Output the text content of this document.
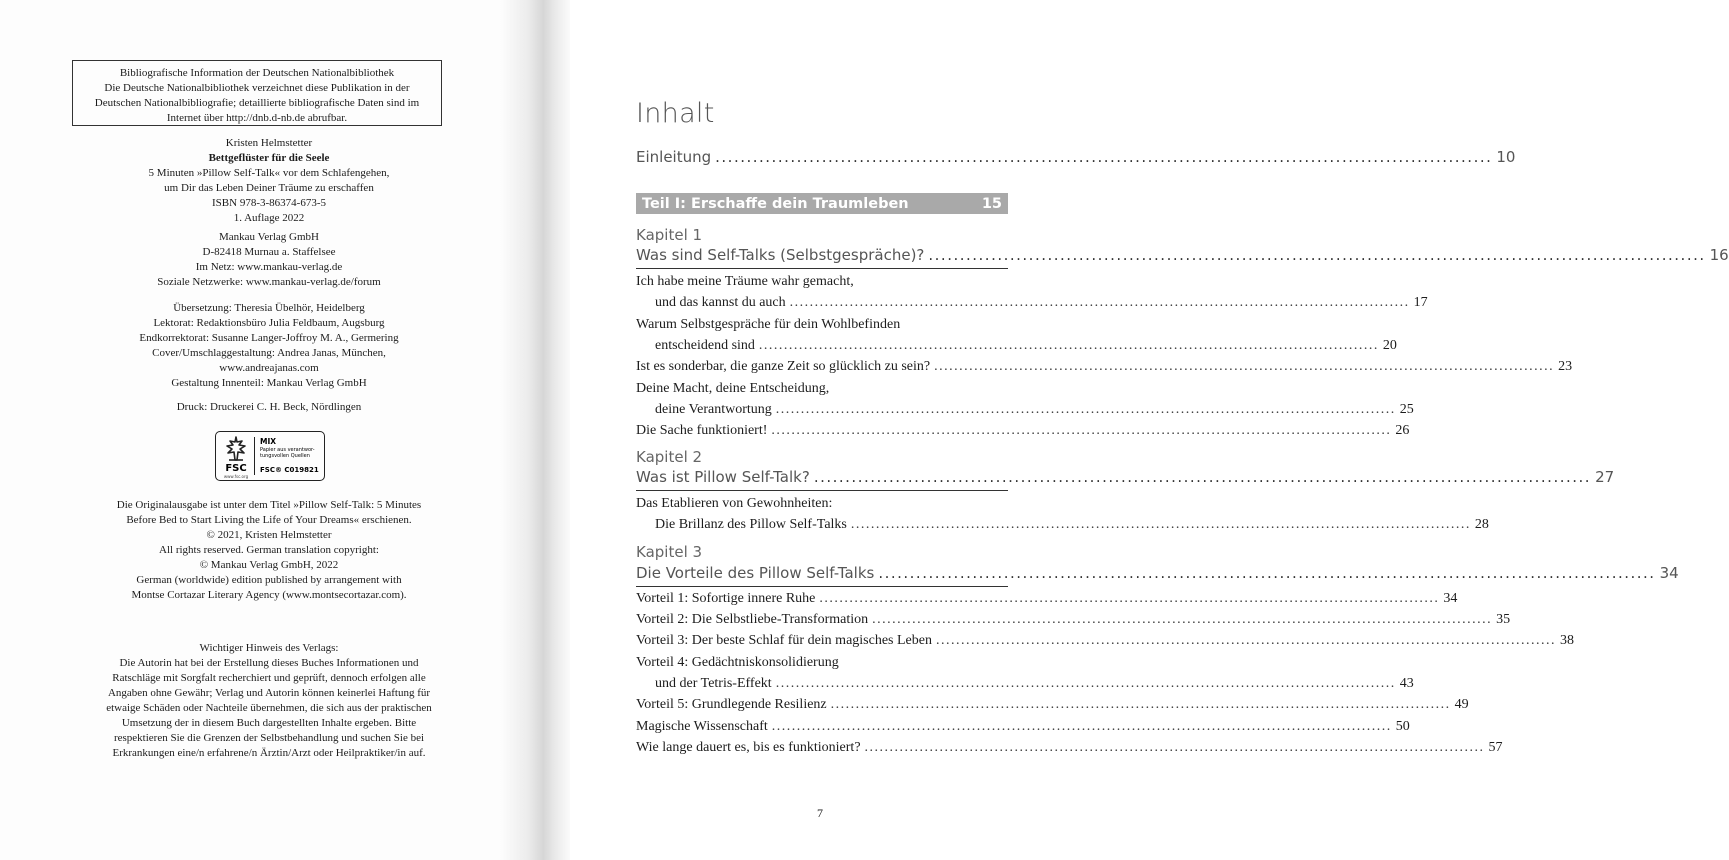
Bibliografische Information der Deutschen Nationalbibliothek
Die Deutsche Nationalbibliothek verzeichnet diese Publikation in der
Deutschen Nationalbibliografie; detaillierte bibliografische Daten sind im
Internet über http://dnb.d-nb.de abrufbar.
Kristen Helmstetter
Bettgeflüster für die Seele
5 Minuten »Pillow Self-Talk« vor dem Schlafengehen,
um Dir das Leben Deiner Träume zu erschaffen
ISBN 978-3-86374-673-5
1. Auflage 2022
Mankau Verlag GmbH
D-82418 Murnau a. Staffelsee
Im Netz: www.mankau-verlag.de
Soziale Netzwerke: www.mankau-verlag.de/forum
Übersetzung: Theresia Übelhör, Heidelberg
Lektorat: Redaktionsbüro Julia Feldbaum, Augsburg
Endkorrektorat: Susanne Langer-Joffroy M. A., Germering
Cover/Umschlaggestaltung: Andrea Janas, München,
www.andreajanas.com
Gestaltung Innenteil: Mankau Verlag GmbH
Druck: Druckerei C. H. Beck, Nördlingen
FSC
www.fsc.org
MIX
Papier aus verantwor-
tungsvollen Quellen
FSC® C019821
Die Originalausgabe ist unter dem Titel »Pillow Self-Talk: 5 Minutes
Before Bed to Start Living the Life of Your Dreams« erschienen.
© 2021, Kristen Helmstetter
All rights reserved. German translation copyright:
© Mankau Verlag GmbH, 2022
German (worldwide) edition published by arrangement with
Montse Cortazar Literary Agency (www.montsecortazar.com).
Wichtiger Hinweis des Verlags:
Die Autorin hat bei der Erstellung dieses Buches Informationen und
Ratschläge mit Sorgfalt recherchiert und geprüft, dennoch erfolgen alle
Angaben ohne Gewähr; Verlag und Autorin können keinerlei Haftung für
etwaige Schäden oder Nachteile übernehmen, die sich aus der praktischen
Umsetzung der in diesem Buch dargestellten Inhalte ergeben. Bitte
respektieren Sie die Grenzen der Selbstbehandlung und suchen Sie bei
Erkrankungen eine/n erfahrene/n Ärztin/Arzt oder Heilpraktiker/in auf.
Inhalt
Einleitung ............................................................................................................................ 10
Teil I: Erschaffe dein Traumleben	15
Kapitel 1
Was sind Self-Talks (Selbstgespräche)? ............................................................................................................................ 16
Ich habe meine Träume wahr gemacht,
und das kannst du auch ............................................................................................................................ 17
Warum Selbstgespräche für dein Wohlbefinden
entscheidend sind ............................................................................................................................ 20
Ist es sonderbar, die ganze Zeit so glücklich zu sein? ............................................................................................................................ 23
Deine Macht, deine Entscheidung,
deine Verantwortung ............................................................................................................................ 25
Die Sache funktioniert! ............................................................................................................................ 26
Kapitel 2
Was ist Pillow Self-Talk? ............................................................................................................................ 27
Das Etablieren von Gewohnheiten:
Die Brillanz des Pillow Self-Talks ............................................................................................................................ 28
Kapitel 3
Die Vorteile des Pillow Self-Talks ............................................................................................................................ 34
Vorteil 1: Sofortige innere Ruhe ............................................................................................................................ 34
Vorteil 2: Die Selbstliebe-Transformation ............................................................................................................................ 35
Vorteil 3: Der beste Schlaf für dein magisches Leben ............................................................................................................................ 38
Vorteil 4: Gedächtniskonsolidierung
und der Tetris-Effekt ............................................................................................................................ 43
Vorteil 5: Grundlegende Resilienz ............................................................................................................................ 49
Magische Wissenschaft ............................................................................................................................ 50
Wie lange dauert es, bis es funktioniert? ............................................................................................................................ 57
7
